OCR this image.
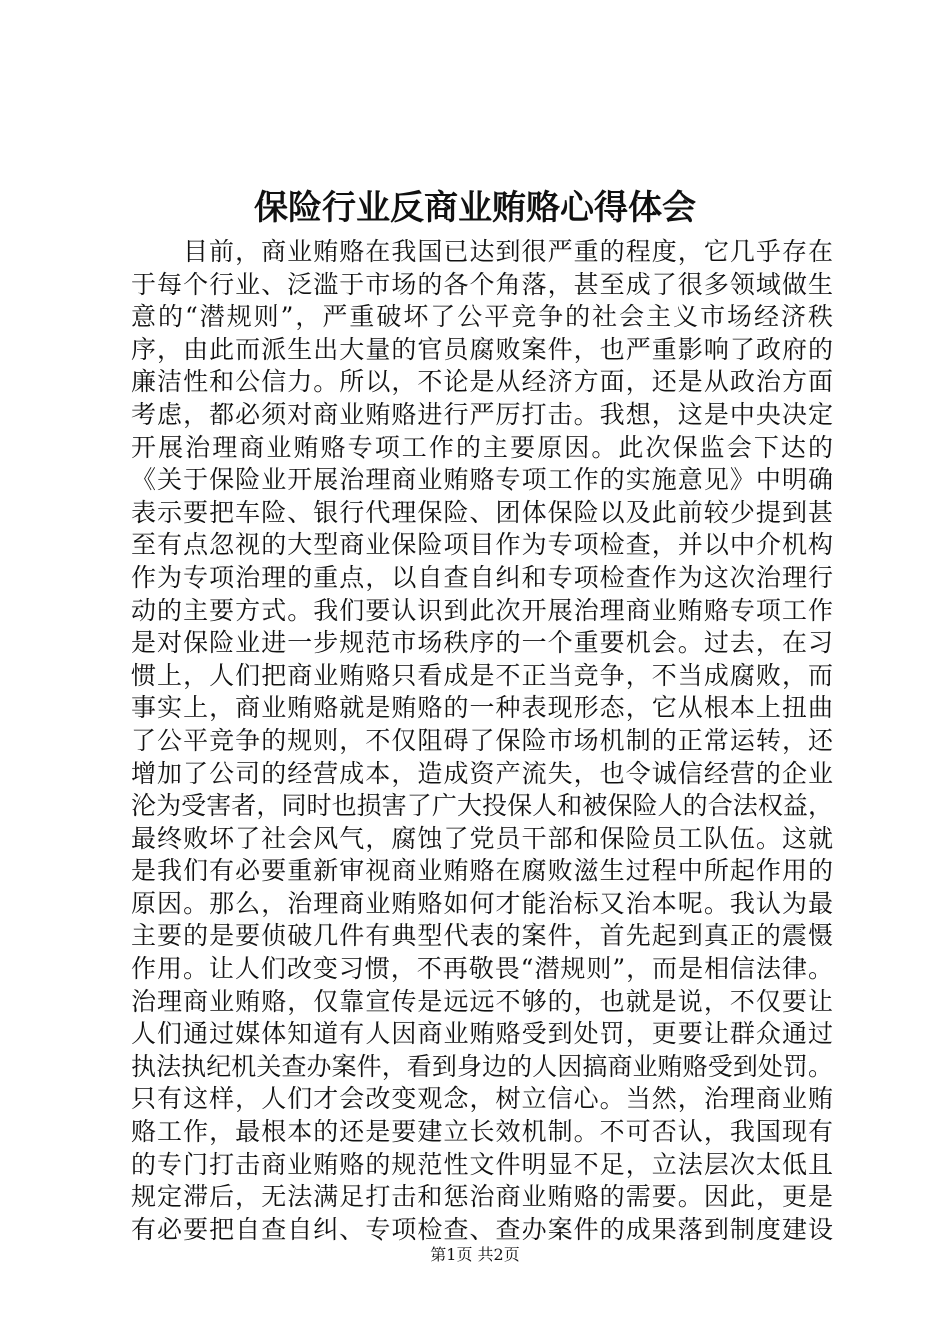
保险行业反商业贿赂心得体会
目前，商业贿赂在我国已达到很严重的程度，它几乎存在
于每个行业、泛滥于市场的各个角落，甚至成了很多领域做生
意的“潜规则”，严重破坏了公平竞争的社会主义市场经济秩
序，由此而派生出大量的官员腐败案件，也严重影响了政府的
廉洁性和公信力。所以，不论是从经济方面，还是从政治方面
考虑，都必须对商业贿赂进行严厉打击。我想，这是中央决定
开展治理商业贿赂专项工作的主要原因。此次保监会下达的
《关于保险业开展治理商业贿赂专项工作的实施意见》中明确
表示要把车险、银行代理保险、团体保险以及此前较少提到甚
至有点忽视的大型商业保险项目作为专项检查，并以中介机构
作为专项治理的重点，以自查自纠和专项检查作为这次治理行
动的主要方式。我们要认识到此次开展治理商业贿赂专项工作
是对保险业进一步规范市场秩序的一个重要机会。过去，在习
惯上，人们把商业贿赂只看成是不正当竞争，不当成腐败，而
事实上，商业贿赂就是贿赂的一种表现形态，它从根本上扭曲
了公平竞争的规则，不仅阻碍了保险市场机制的正常运转，还
增加了公司的经营成本，造成资产流失，也令诚信经营的企业
沦为受害者，同时也损害了广大投保人和被保险人的合法权益，
最终败坏了社会风气，腐蚀了党员干部和保险员工队伍。这就
是我们有必要重新审视商业贿赂在腐败滋生过程中所起作用的
原因。那么，治理商业贿赂如何才能治标又治本呢。我认为最
主要的是要侦破几件有典型代表的案件，首先起到真正的震慑
作用。让人们改变习惯，不再敬畏“潜规则”，而是相信法律。
治理商业贿赂，仅靠宣传是远远不够的，也就是说，不仅要让
人们通过媒体知道有人因商业贿赂受到处罚，更要让群众通过
执法执纪机关查办案件，看到身边的人因搞商业贿赂受到处罚。
只有这样，人们才会改变观念，树立信心。当然，治理商业贿
赂工作，最根本的还是要建立长效机制。不可否认，我国现有
的专门打击商业贿赂的规范性文件明显不足，立法层次太低且
规定滞后，无法满足打击和惩治商业贿赂的需要。因此，更是
有必要把自查自纠、专项检查、查办案件的成果落到制度建设
第1页 共2页
